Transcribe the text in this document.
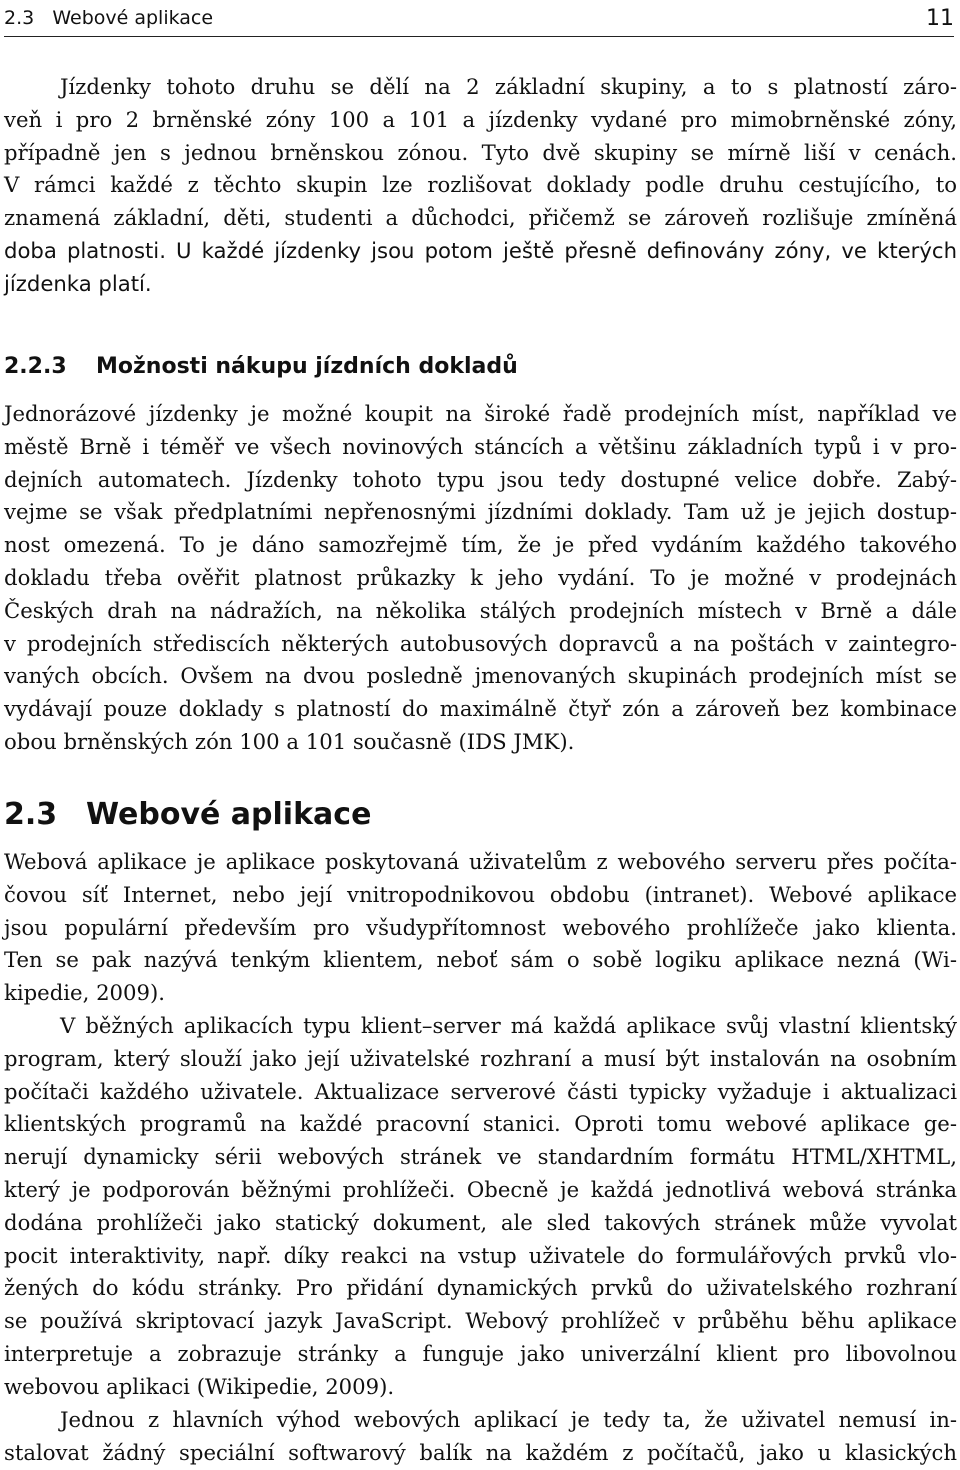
2.3   Webové aplikace	11
Jízdenky tohoto druhu se dělí na 2 základní skupiny, a to s platností záro-
veň i pro 2 brněnské zóny 100 a 101 a jízdenky vydané pro mimobrněnské zóny,
případně jen s jednou brněnskou zónou. Tyto dvě skupiny se mírně liší v cenách.
V rámci každé z těchto skupin lze rozlišovat doklady podle druhu cestujícího, to
znamená základní, děti, studenti a důchodci, přičemž se zároveň rozlišuje zmíněná
doba platnosti. U každé jízdenky jsou potom ještě přesně definovány zóny, ve kterých
jízdenka platí.
2.2.3 Možnosti nákupu jízdních dokladů
Jednorázové jízdenky je možné koupit na široké řadě prodejních míst, například ve
městě Brně i téměř ve všech novinových stáncích a většinu základních typů i v pro-
dejních automatech. Jízdenky tohoto typu jsou tedy dostupné velice dobře. Zabý-
vejme se však předplatními nepřenosnými jízdními doklady. Tam už je jejich dostup-
nost omezená. To je dáno samozřejmě tím, že je před vydáním každého takového
dokladu třeba ověřit platnost průkazky k jeho vydání. To je možné v prodejnách
Českých drah na nádražích, na několika stálých prodejních místech v Brně a dále
v prodejních střediscích některých autobusových dopravců a na poštách v zaintegro-
vaných obcích. Ovšem na dvou posledně jmenovaných skupinách prodejních míst se
vydávají pouze doklady s platností do maximálně čtyř zón a zároveň bez kombinace
obou brněnských zón 100 a 101 současně (IDS JMK).
2.3 Webové aplikace
Webová aplikace je aplikace poskytovaná uživatelům z webového serveru přes počíta-
čovou síť Internet, nebo její vnitropodnikovou obdobu (intranet). Webové aplikace
jsou populární především pro všudypřítomnost webového prohlížeče jako klienta.
Ten se pak nazývá tenkým klientem, neboť sám o sobě logiku aplikace nezná (Wi-
kipedie, 2009).
V běžných aplikacích typu klient–server má každá aplikace svůj vlastní klientský
program, který slouží jako její uživatelské rozhraní a musí být instalován na osobním
počítači každého uživatele. Aktualizace serverové části typicky vyžaduje i aktualizaci
klientských programů na každé pracovní stanici. Oproti tomu webové aplikace ge-
nerují dynamicky sérii webových stránek ve standardním formátu HTML/XHTML,
který je podporován běžnými prohlížeči. Obecně je každá jednotlivá webová stránka
dodána prohlížeči jako statický dokument, ale sled takových stránek může vyvolat
pocit interaktivity, např. díky reakci na vstup uživatele do formulářových prvků vlo-
žených do kódu stránky. Pro přidání dynamických prvků do uživatelského rozhraní
se používá skriptovací jazyk JavaScript. Webový prohlížeč v průběhu běhu aplikace
interpretuje a zobrazuje stránky a funguje jako univerzální klient pro libovolnou
webovou aplikaci (Wikipedie, 2009).
Jednou z hlavních výhod webových aplikací je tedy ta, že uživatel nemusí in-
stalovat žádný speciální softwarový balík na každém z počítačů, jako u klasických
